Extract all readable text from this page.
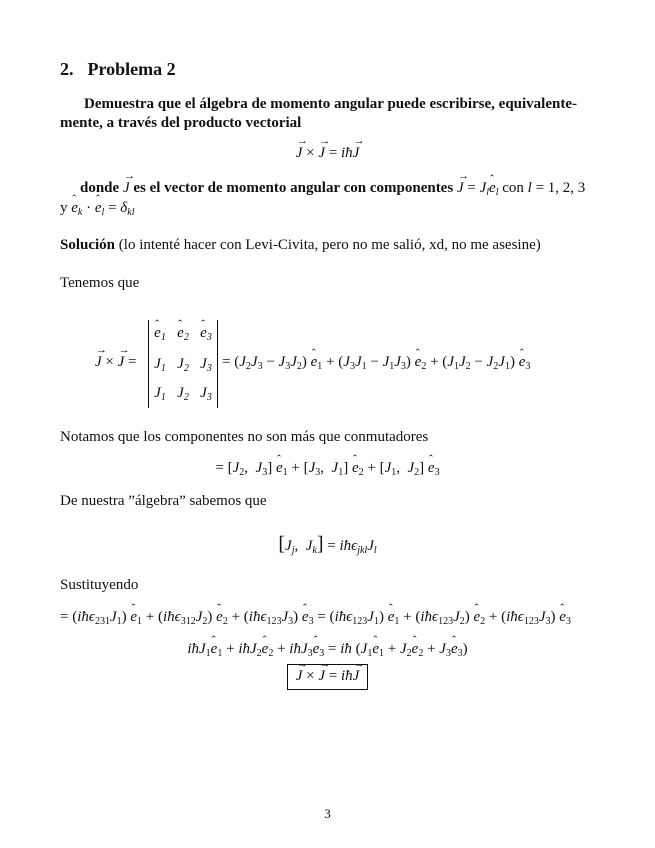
2. Problema 2
Demuestra que el álgebra de momento angular puede escribirse, equivalente-
mente, a través del producto vectorial
→ J × → J = iħ→ J
donde → J es el vector de momento angular con componentes → $J = J_lˆ$ $e_l$ con l = 1, 2, 3
y ˆ $e_k$ · ˆ $e_l = \delta_{kl}$
Solución (lo intenté hacer con Levi-Civita, pero no me salió, xd, no me asesine)
Tenemos que
→ J × → J =
ˆ $e_1$ ˆ $e_2$ ˆ $e_3$
$J_1$ $J_2$ $J_3$
$J_1$ $J_2$ $J_3$
= $(J_2J_3 - J_3J_2)$ ˆ $e_1 + (J_3J_1 - J_1J_3)$ ˆ $e_2 + (J_1J_2 - J_2J_1)$ ˆ $e_3$
Notamos que los componentes no son más que conmutadores
= [$J_2$,  $J_3$] ˆ $e_1 + [J_3$,  $J_1$] ˆ $e_2 + [J_1$,  $J_2$] ˆ $e_3$
De nuestra ”álgebra” sabemos que
[$J_j$,  $J_k$] = $iħ\epsilon_{jkl}J_l$
Sustituyendo
= $(iħ\epsilon_{231}J_1)$ ˆ $e_1$ + $(iħ\epsilon_{312}J_2)$ ˆ $e_2$ + $(iħ\epsilon_{123}J_3)$ ˆ $e_3$ = $(iħ\epsilon_{123}J_1)$ ˆ $e_1$ + $(iħ\epsilon_{123}J_2)$ ˆ $e_2$ + $(iħ\epsilon_{123}J_3)$ ˆ $e_3$
iħJ$_1$ˆ $e_1$ + iħJ$_2$ˆ $e_2$ + iħJ$_3$ˆ $e_3$ = iħ ($J_1ˆ$ $e_1$ + $J_2ˆ$ $e_2$ + $J_3ˆ$ $e_3$)
→ J × → J = iħ→ J
3
